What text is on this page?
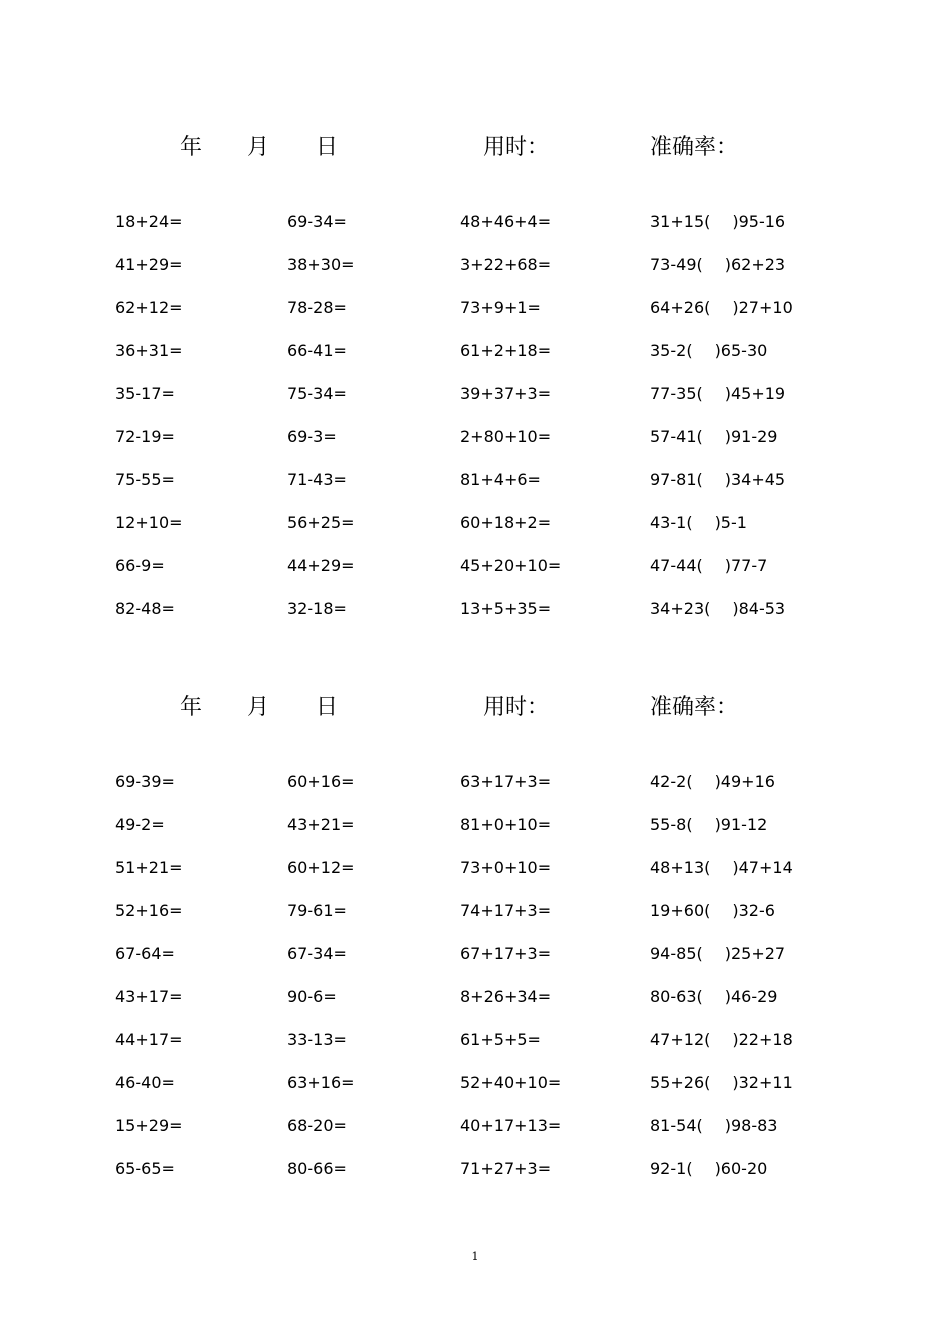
年 月 日	用时：	准确率：
18+24=	69-34=	48+46+4=	31+15( )95-16
41+29=	38+30=	3+22+68=	73-49( )62+23
62+12=	78-28=	73+9+1=	64+26( )27+10
36+31=	66-41=	61+2+18=	35-2( )65-30
35-17=	75-34=	39+37+3=	77-35( )45+19
72-19=	69-3=	2+80+10=	57-41( )91-29
75-55=	71-43=	81+4+6=	97-81( )34+45
12+10=	56+25=	60+18+2=	43-1( )5-1
66-9=	44+29=	45+20+10=	47-44( )77-7
82-48=	32-18=	13+5+35=	34+23( )84-53
年 月 日	用时：	准确率：
69-39=	60+16=	63+17+3=	42-2( )49+16
49-2=	43+21=	81+0+10=	55-8( )91-12
51+21=	60+12=	73+0+10=	48+13( )47+14
52+16=	79-61=	74+17+3=	19+60( )32-6
67-64=	67-34=	67+17+3=	94-85( )25+27
43+17=	90-6=	8+26+34=	80-63( )46-29
44+17=	33-13=	61+5+5=	47+12( )22+18
46-40=	63+16=	52+40+10=	55+26( )32+11
15+29=	68-20=	40+17+13=	81-54( )98-83
65-65=	80-66=	71+27+3=	92-1( )60-20
1
